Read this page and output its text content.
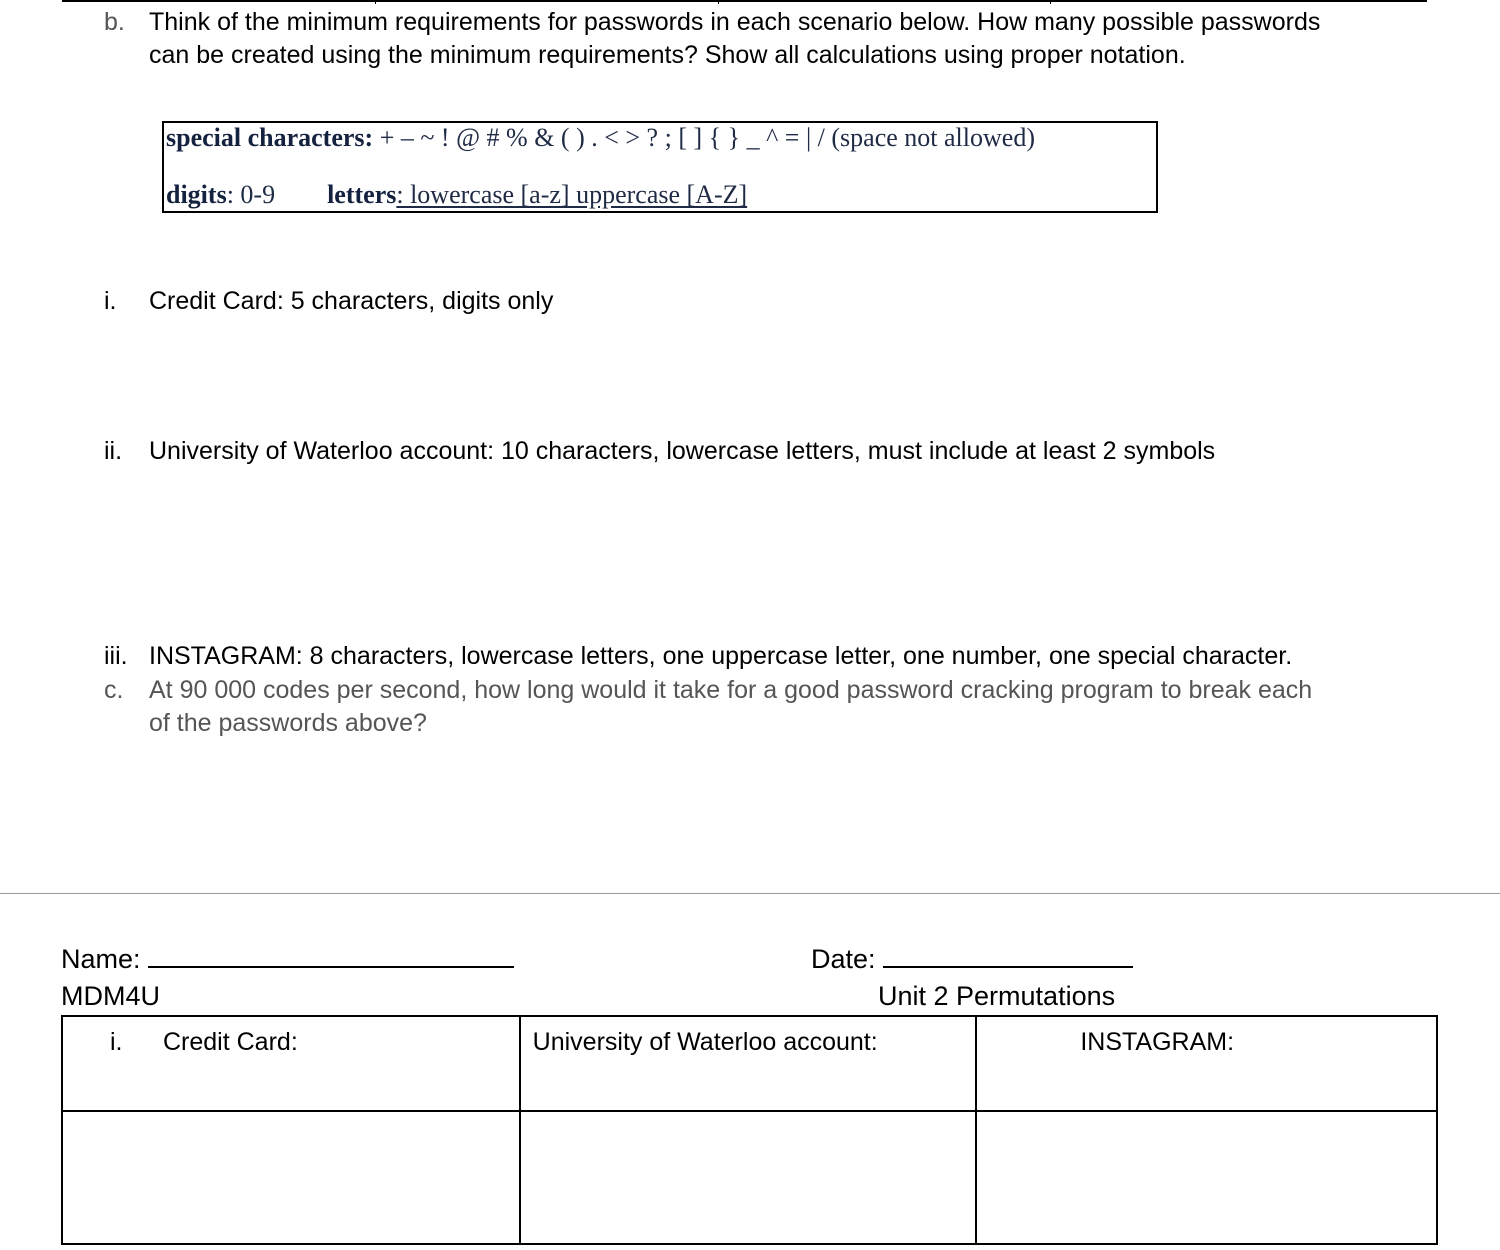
b. Think of the minimum requirements for passwords in each scenario below. How many possible passwords
can be created using the minimum requirements? Show all calculations using proper notation.
special characters: + – ~ ! @ # % & ( ) . < > ? ; [ ] { } _ ^ = | / (space not allowed)
digits: 0-9 letters: lowercase [a-z] uppercase [A-Z]
i. Credit Card: 5 characters, digits only
ii. University of Waterloo account: 10 characters, lowercase letters, must include at least 2 symbols
iii. INSTAGRAM: 8 characters, lowercase letters, one uppercase letter, one number, one special character.
c. At 90 000 codes per second, how long would it take for a good password cracking program to break each
of the passwords above?
Name:	Date:
MDM4U	Unit 2 Permutations
i. Credit Card:	University of Waterloo account:	INSTAGRAM:
